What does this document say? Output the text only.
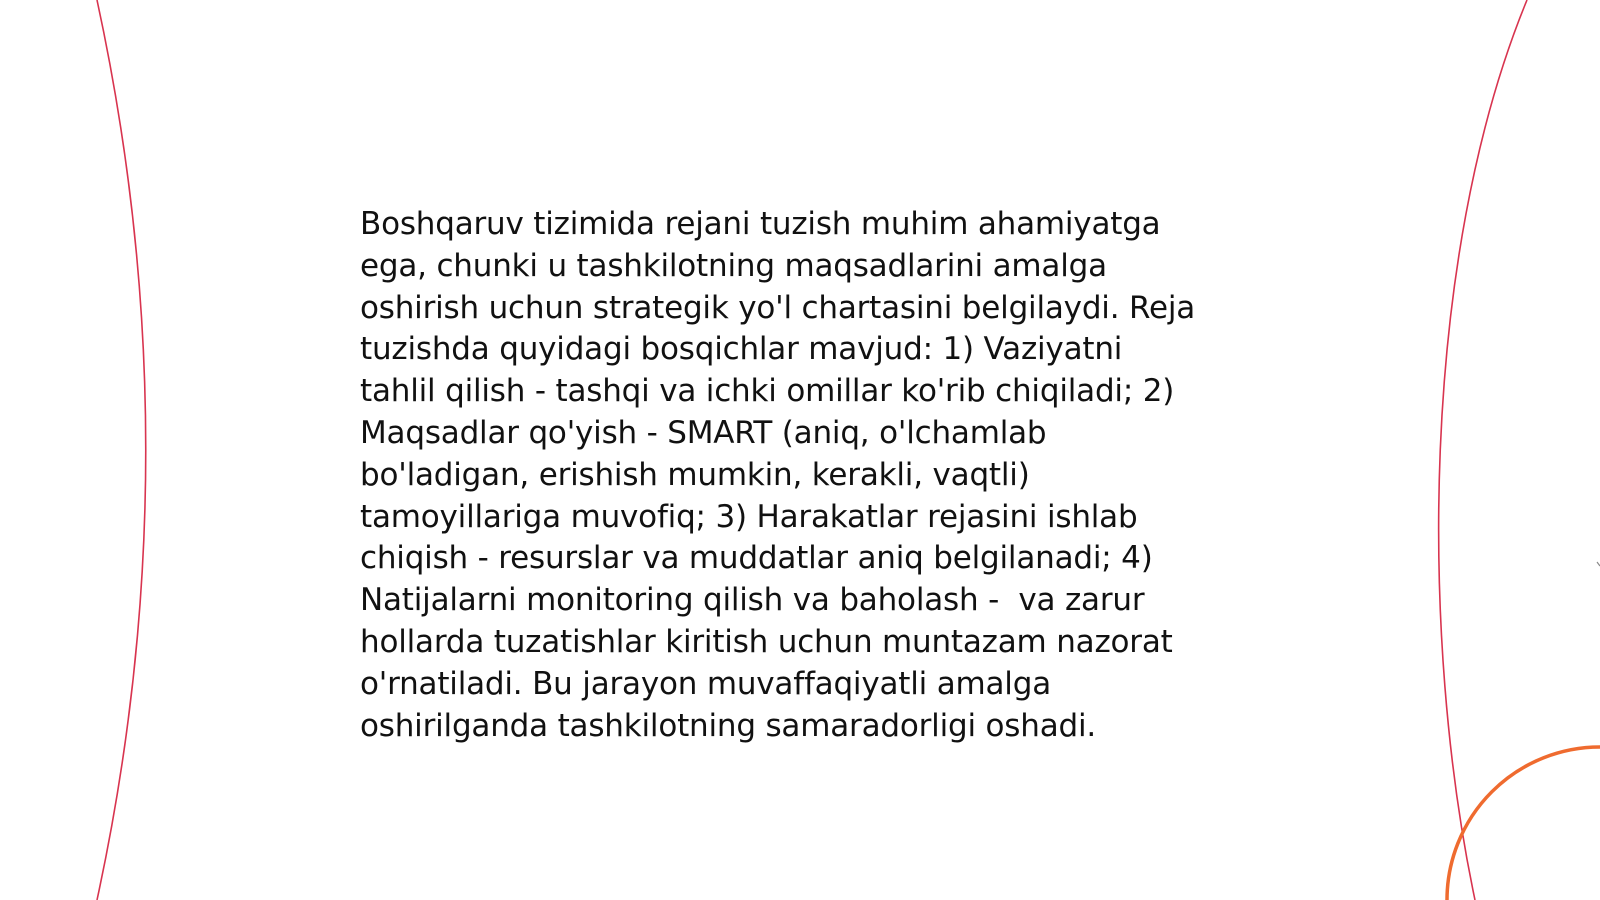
Boshqaruv tizimida rejani tuzish muhim ahamiyatga
ega, chunki u tashkilotning maqsadlarini amalga
oshirish uchun strategik yo'l chartasini belgilaydi. Reja
tuzishda quyidagi bosqichlar mavjud: 1) Vaziyatni
tahlil qilish - tashqi va ichki omillar ko'rib chiqiladi; 2)
Maqsadlar qo'yish - SMART (aniq, o'lchamlab
bo'ladigan, erishish mumkin, kerakli, vaqtli)
tamoyillariga muvofiq; 3) Harakatlar rejasini ishlab
chiqish - resurslar va muddatlar aniq belgilanadi; 4)
Natijalarni monitoring qilish va baholash -  va zarur
hollarda tuzatishlar kiritish uchun muntazam nazorat
o'rnatiladi. Bu jarayon muvaffaqiyatli amalga
oshirilganda tashkilotning samaradorligi oshadi.
